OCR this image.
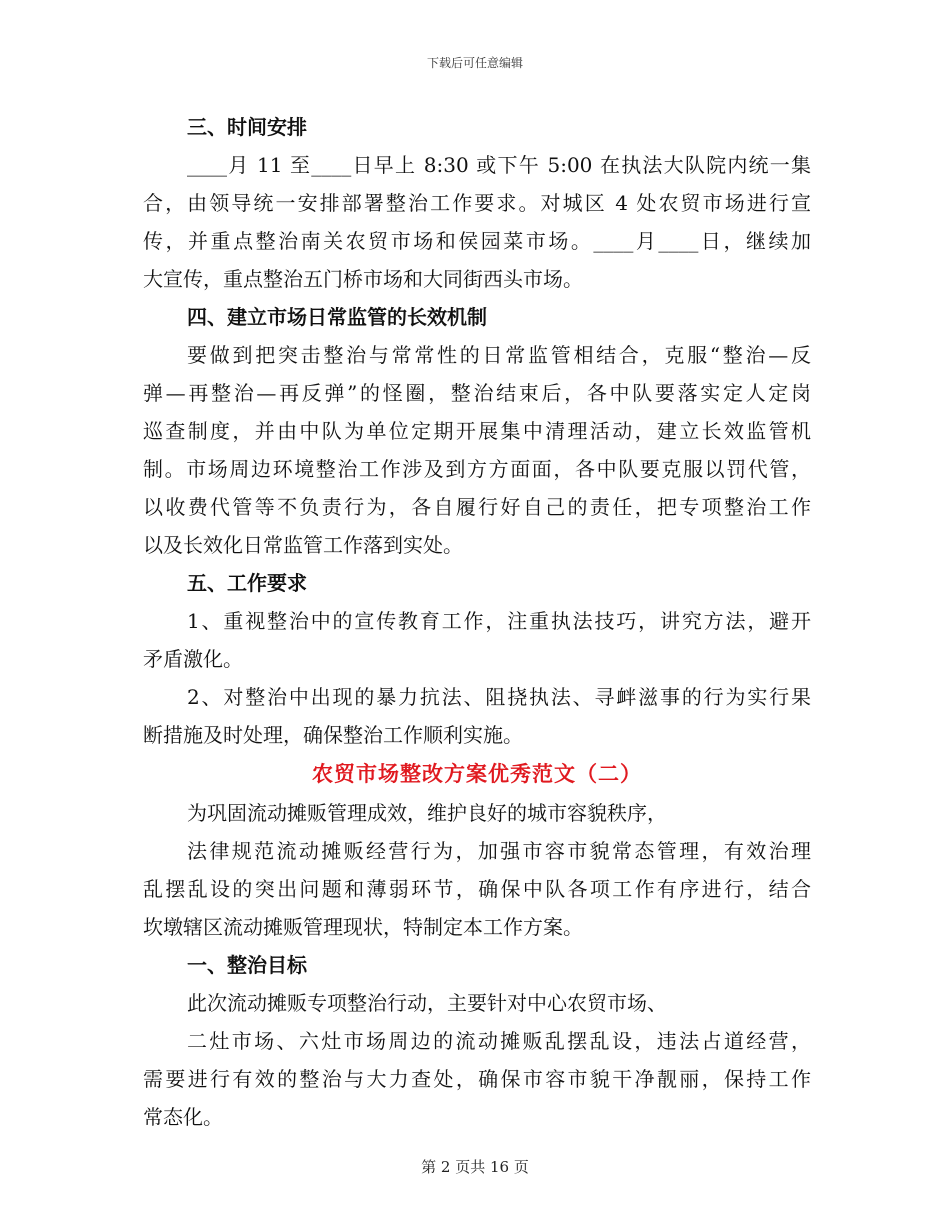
下载后可任意编辑
三、时间安排
____月 11 至____日早上 8:30 或下午 5:00 在执法大队院内统一集
合，由领导统一安排部署整治工作要求。对城区 4 处农贸市场进行宣
传，并重点整治南关农贸市场和侯园菜市场。____月____日，继续加
大宣传，重点整治五门桥市场和大同街西头市场。
四、建立市场日常监管的长效机制
要做到把突击整治与常常性的日常监管相结合，克服“整治—反
弹—再整治—再反弹”的怪圈，整治结束后，各中队要落实定人定岗
巡查制度，并由中队为单位定期开展集中清理活动，建立长效监管机
制。市场周边环境整治工作涉及到方方面面，各中队要克服以罚代管，
以收费代管等不负责行为，各自履行好自己的责任，把专项整治工作
以及长效化日常监管工作落到实处。
五、工作要求
1、重视整治中的宣传教育工作，注重执法技巧，讲究方法，避开
矛盾激化。
2、对整治中出现的暴力抗法、阻挠执法、寻衅滋事的行为实行果
断措施及时处理，确保整治工作顺利实施。
农贸市场整改方案优秀范文（二）
为巩固流动摊贩管理成效，维护良好的城市容貌秩序，
法律规范流动摊贩经营行为，加强市容市貌常态管理，有效治理
乱摆乱设的突出问题和薄弱环节，确保中队各项工作有序进行，结合
坎墩辖区流动摊贩管理现状，特制定本工作方案。
一、整治目标
此次流动摊贩专项整治行动，主要针对中心农贸市场、
二灶市场、六灶市场周边的流动摊贩乱摆乱设，违法占道经营，
需要进行有效的整治与大力查处，确保市容市貌干净靓丽，保持工作
常态化。
第 2 页共 16 页
